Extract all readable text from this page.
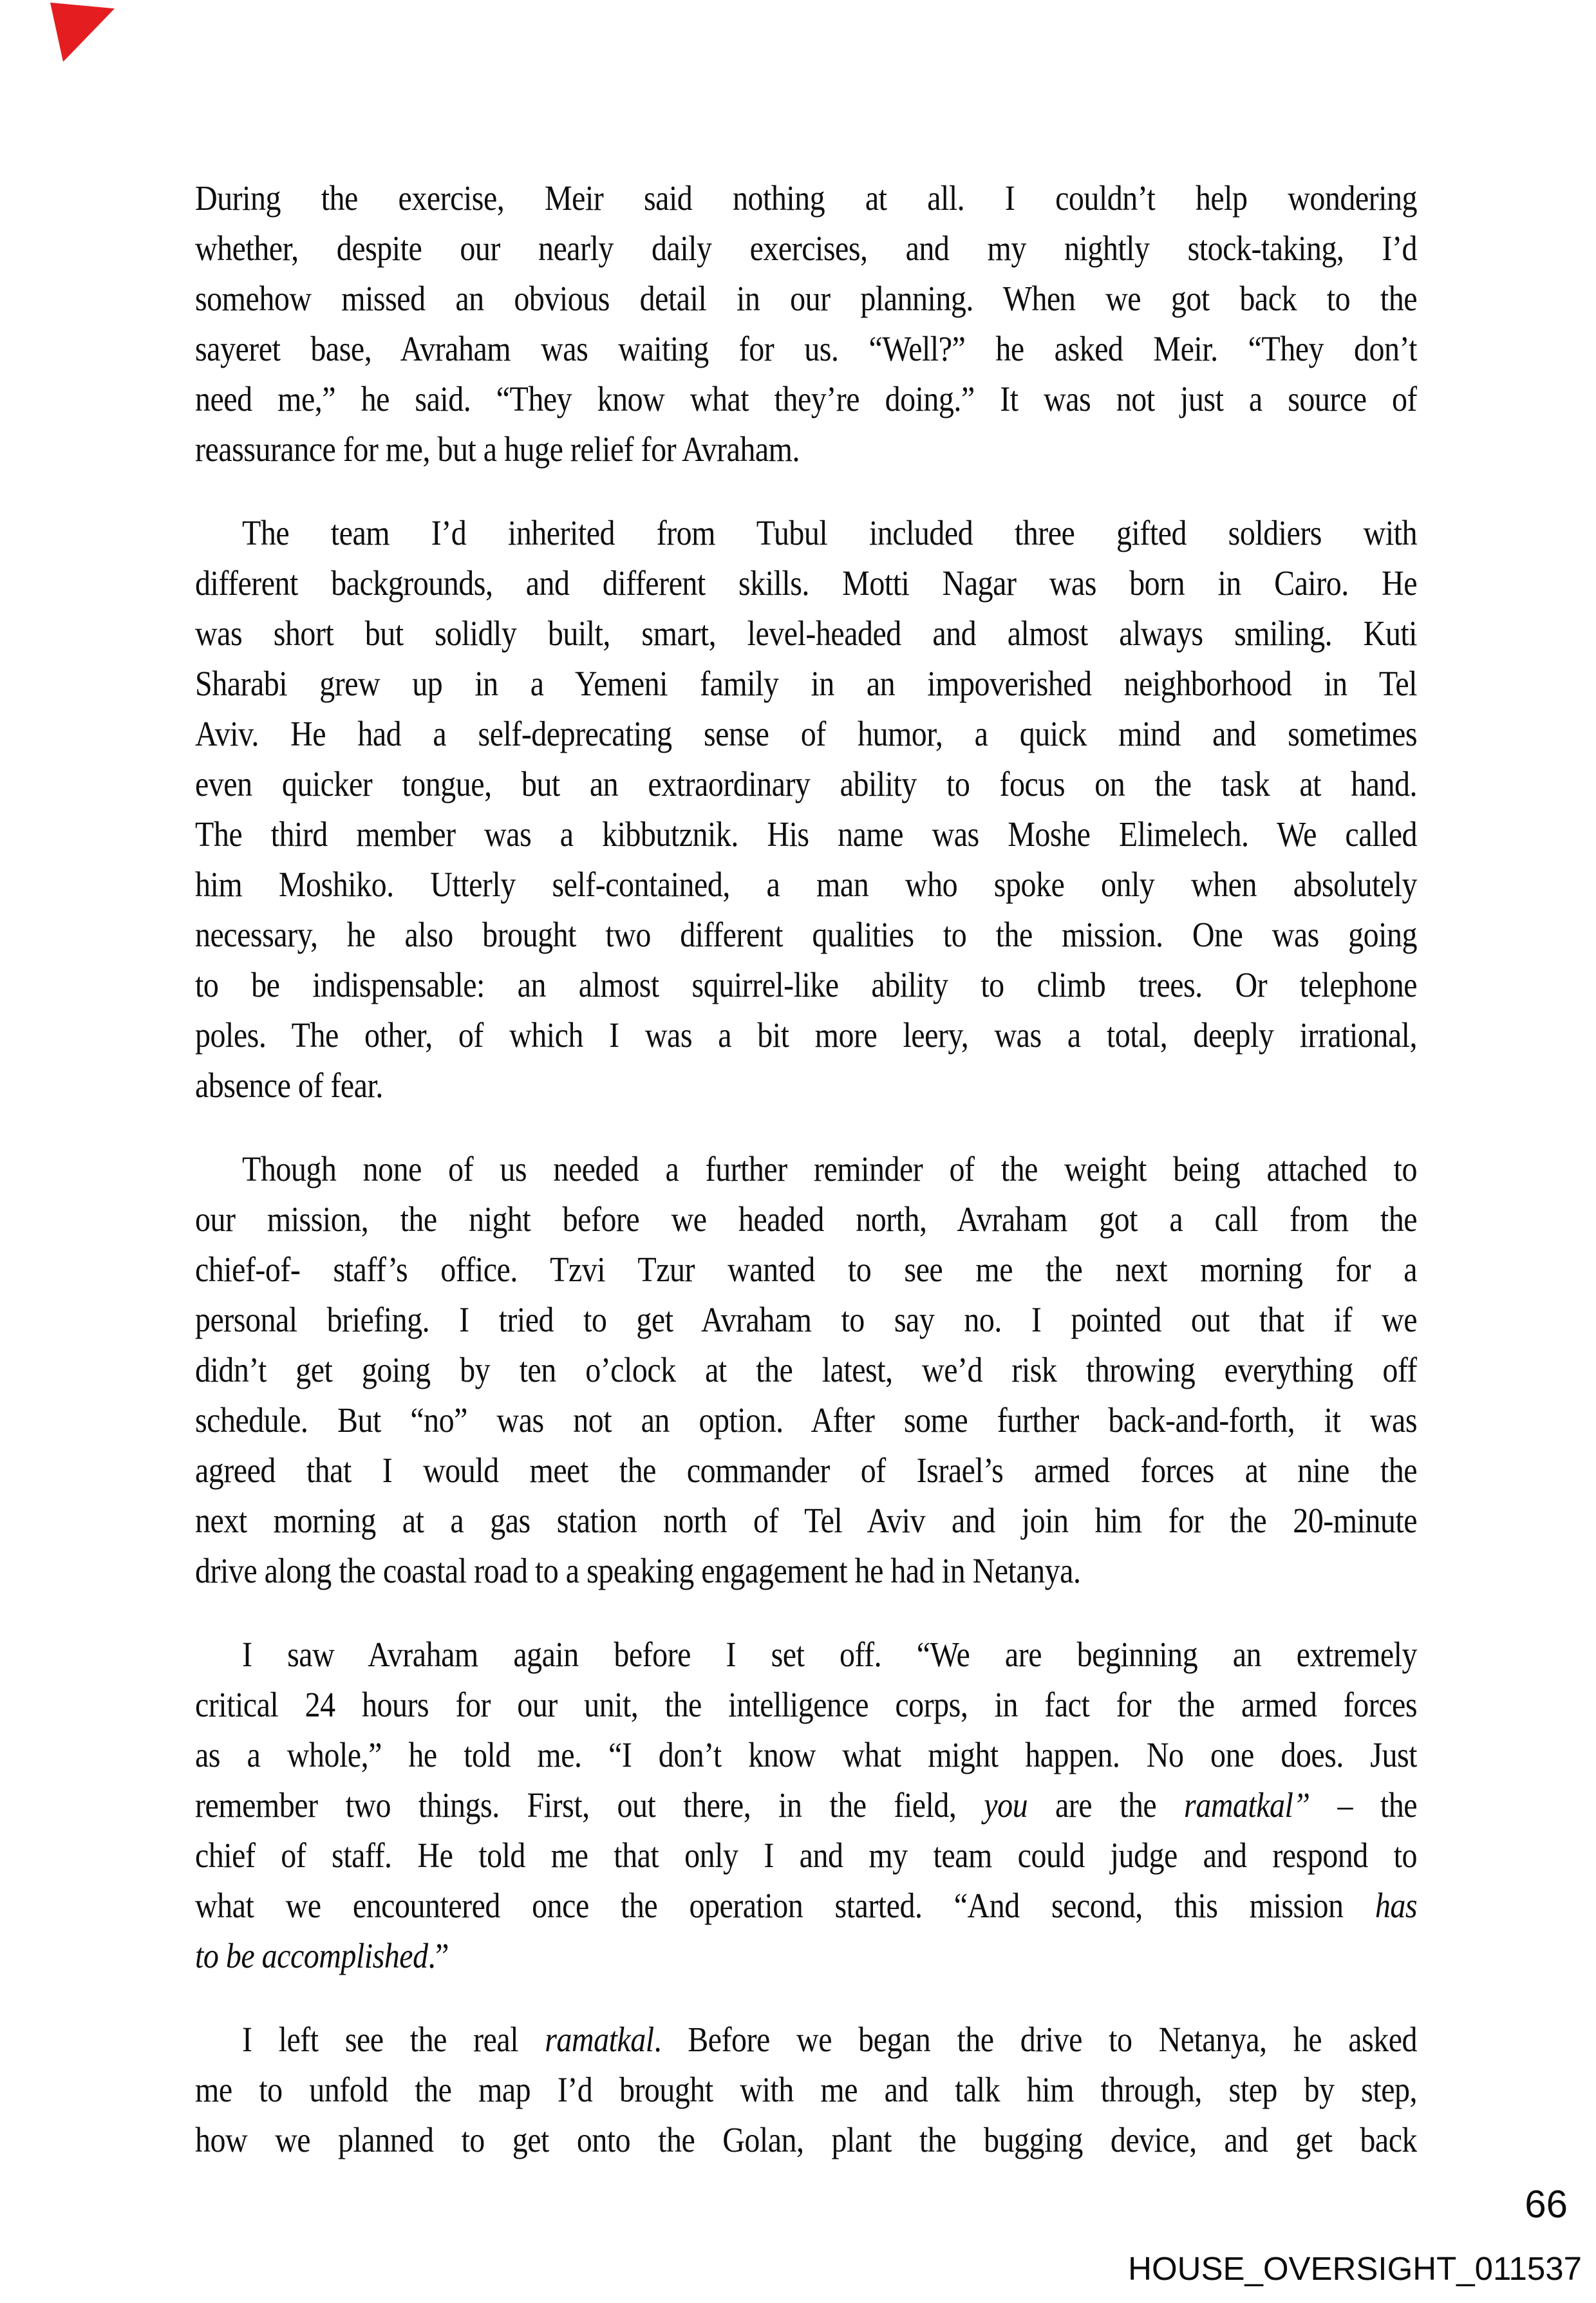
During the exercise, Meir said nothing at all. I couldn’t help wondering
whether, despite our nearly daily exercises, and my nightly stock-taking, I’d
somehow missed an obvious detail in our planning. When we got back to the
sayeret base, Avraham was waiting for us. “Well?” he asked Meir. “They don’t
need me,” he said. “They know what they’re doing.” It was not just a source of
reassurance for me, but a huge relief for Avraham.
The team I’d inherited from Tubul included three gifted soldiers with
different backgrounds, and different skills. Motti Nagar was born in Cairo. He
was short but solidly built, smart, level-headed and almost always smiling. Kuti
Sharabi grew up in a Yemeni family in an impoverished neighborhood in Tel
Aviv. He had a self-deprecating sense of humor, a quick mind and sometimes
even quicker tongue, but an extraordinary ability to focus on the task at hand.
The third member was a kibbutznik. His name was Moshe Elimelech. We called
him Moshiko. Utterly self-contained, a man who spoke only when absolutely
necessary, he also brought two different qualities to the mission. One was going
to be indispensable: an almost squirrel-like ability to climb trees. Or telephone
poles. The other, of which I was a bit more leery, was a total, deeply irrational,
absence of fear.
Though none of us needed a further reminder of the weight being attached to
our mission, the night before we headed north, Avraham got a call from the
chief-of- staff’s office. Tzvi Tzur wanted to see me the next morning for a
personal briefing. I tried to get Avraham to say no. I pointed out that if we
didn’t get going by ten o’clock at the latest, we’d risk throwing everything off
schedule. But “no” was not an option. After some further back-and-forth, it was
agreed that I would meet the commander of Israel’s armed forces at nine the
next morning at a gas station north of Tel Aviv and join him for the 20-minute
drive along the coastal road to a speaking engagement he had in Netanya.
I saw Avraham again before I set off. “We are beginning an extremely
critical 24 hours for our unit, the intelligence corps, in fact for the armed forces
as a whole,” he told me. “I don’t know what might happen. No one does. Just
remember two things. First, out there, in the field, you are the ramatkal” – the
chief of staff. He told me that only I and my team could judge and respond to
what we encountered once the operation started. “And second, this mission has
to be accomplished.”
I left see the real ramatkal. Before we began the drive to Netanya, he asked
me to unfold the map I’d brought with me and talk him through, step by step,
how we planned to get onto the Golan, plant the bugging device, and get back
66
HOUSE_OVERSIGHT_011537
